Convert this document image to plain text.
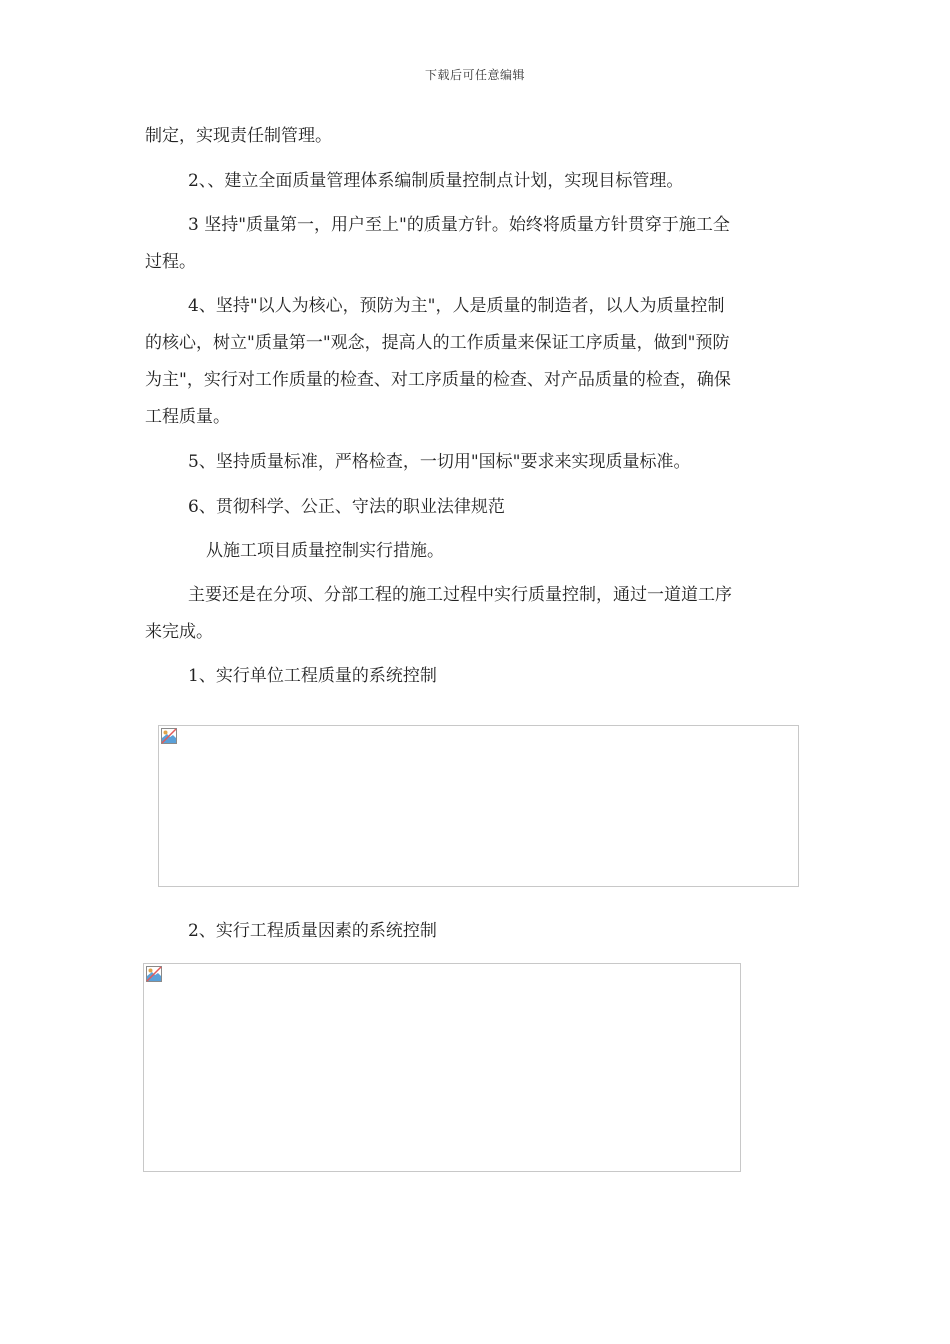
下载后可任意编辑
制定，实现责任制管理。
2、、建立全面质量管理体系编制质量控制点计划，实现目标管理。
3 坚持"质量第一，用户至上"的质量方针。始终将质量方针贯穿于施工全
过程。
4、坚持"以人为核心，预防为主"，人是质量的制造者，以人为质量控制
的核心，树立"质量第一"观念，提高人的工作质量来保证工序质量，做到"预防
为主"，实行对工作质量的检查、对工序质量的检查、对产品质量的检查，确保
工程质量。
5、坚持质量标准，严格检查，一切用"国标"要求来实现质量标准。
6、贯彻科学、公正、守法的职业法律规范
从施工项目质量控制实行措施。
主要还是在分项、分部工程的施工过程中实行质量控制，通过一道道工序
来完成。
1、实行单位工程质量的系统控制
2、实行工程质量因素的系统控制
